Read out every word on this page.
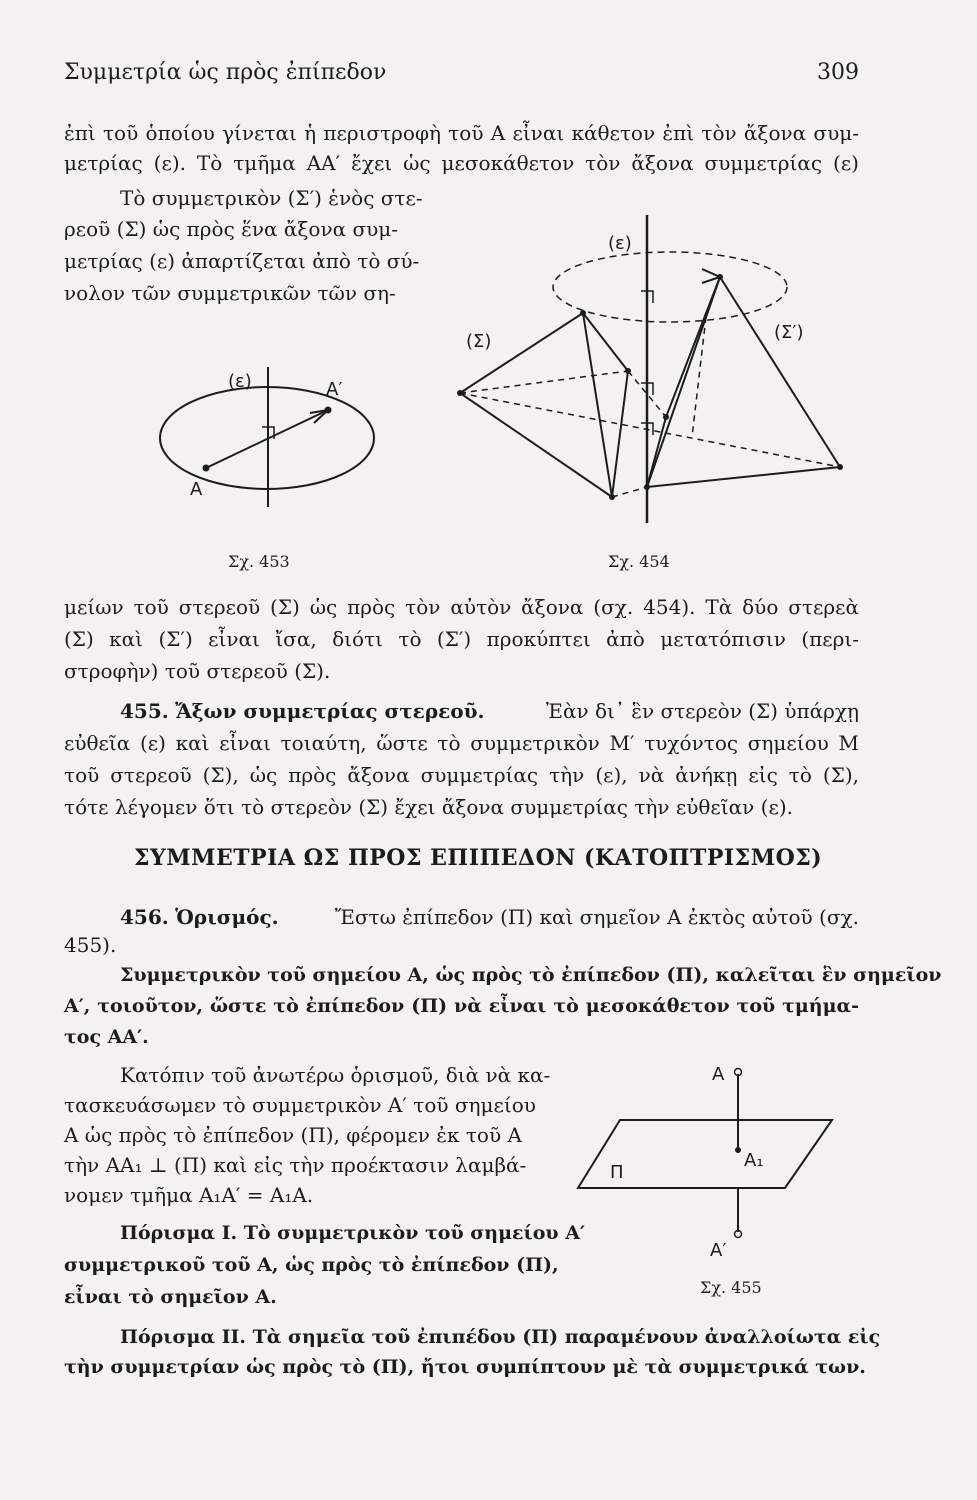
Συμμετρία ὡς πρὸς ἐπίπεδον	309
ἐπὶ τοῦ ὁποίου γίνεται ἡ περιστροφὴ τοῦ Α εἶναι κάθετον ἐπὶ τὸν ἄξονα συμ-
μετρίας (ε). Τὸ τμῆμα ΑΑ′ ἔχει ὡς μεσοκάθετον τὸν ἄξονα συμμετρίας (ε)
Τὸ συμμετρικὸν (Σ′) ἑνὸς στε-
ρεοῦ (Σ) ὡς πρὸς ἕνα ἄξονα συμ-
μετρίας (ε) ἀπαρτίζεται ἀπὸ τὸ σύ-
νολον τῶν συμμετρικῶν τῶν ση-
(ε)
Α
Α′
Σχ. 453
(ε)
(Σ)	(Σ′)
Σχ. 454
μείων τοῦ στερεοῦ (Σ) ὡς πρὸς τὸν αὐτὸν ἄξονα (σχ. 454). Τὰ δύο στερεὰ
(Σ) καὶ (Σ′) εἶναι ἴσα, διότι τὸ (Σ′) προκύπτει ἀπὸ μετατόπισιν (περι-
στροφὴν) τοῦ στερεοῦ (Σ).
455. Ἄξων συμμετρίας στερεοῦ.	Ἐὰν δι᾽ ἓν στερεὸν (Σ) ὑπάρχῃ
εὐθεῖα (ε) καὶ εἶναι τοιαύτη, ὥστε τὸ συμμετρικὸν Μ′ τυχόντος σημείου Μ
τοῦ στερεοῦ (Σ), ὡς πρὸς ἄξονα συμμετρίας τὴν (ε), νὰ ἀνήκῃ εἰς τὸ (Σ),
τότε λέγομεν ὅτι τὸ στερεὸν (Σ) ἔχει ἄξονα συμμετρίας τὴν εὐθεῖαν (ε).
ΣΥΜΜΕΤΡΙΑ ΩΣ ΠΡΟΣ ΕΠΙΠΕΔΟΝ (ΚΑΤΟΠΤΡΙΣΜΟΣ)
456. Ὁρισμός.	Ἔστω ἐπίπεδον (Π) καὶ σημεῖον Α ἐκτὸς αὐτοῦ (σχ.
455).
Συμμετρικὸν τοῦ σημείου Α, ὡς πρὸς τὸ ἐπίπεδον (Π), καλεῖται ἓν σημεῖον
Α′, τοιοῦτον, ὥστε τὸ ἐπίπεδον (Π) νὰ εἶναι τὸ μεσοκάθετον τοῦ τμήμα-
τος ΑΑ′.
Κατόπιν τοῦ ἀνωτέρω ὁρισμοῦ, διὰ νὰ κα-
τασκευάσωμεν τὸ συμμετρικὸν Α′ τοῦ σημείου
Α ὡς πρὸς τὸ ἐπίπεδον (Π), φέρομεν ἐκ τοῦ Α
τὴν ΑΑ₁ ⊥ (Π) καὶ εἰς τὴν προέκτασιν λαμβά-
νομεν τμῆμα Α₁Α′ = Α₁Α.
Α
Α₁
Α′
Π
Σχ. 455
Πόρισμα Ι. Τὸ συμμετρικὸν τοῦ σημείου Α′
συμμετρικοῦ τοῦ Α, ὡς πρὸς τὸ ἐπίπεδον (Π),
εἶναι τὸ σημεῖον Α.
Πόρισμα ΙΙ. Τὰ σημεῖα τοῦ ἐπιπέδου (Π) παραμένουν ἀναλλοίωτα εἰς
τὴν συμμετρίαν ὡς πρὸς τὸ (Π), ἤτοι συμπίπτουν μὲ τὰ συμμετρικά των.
